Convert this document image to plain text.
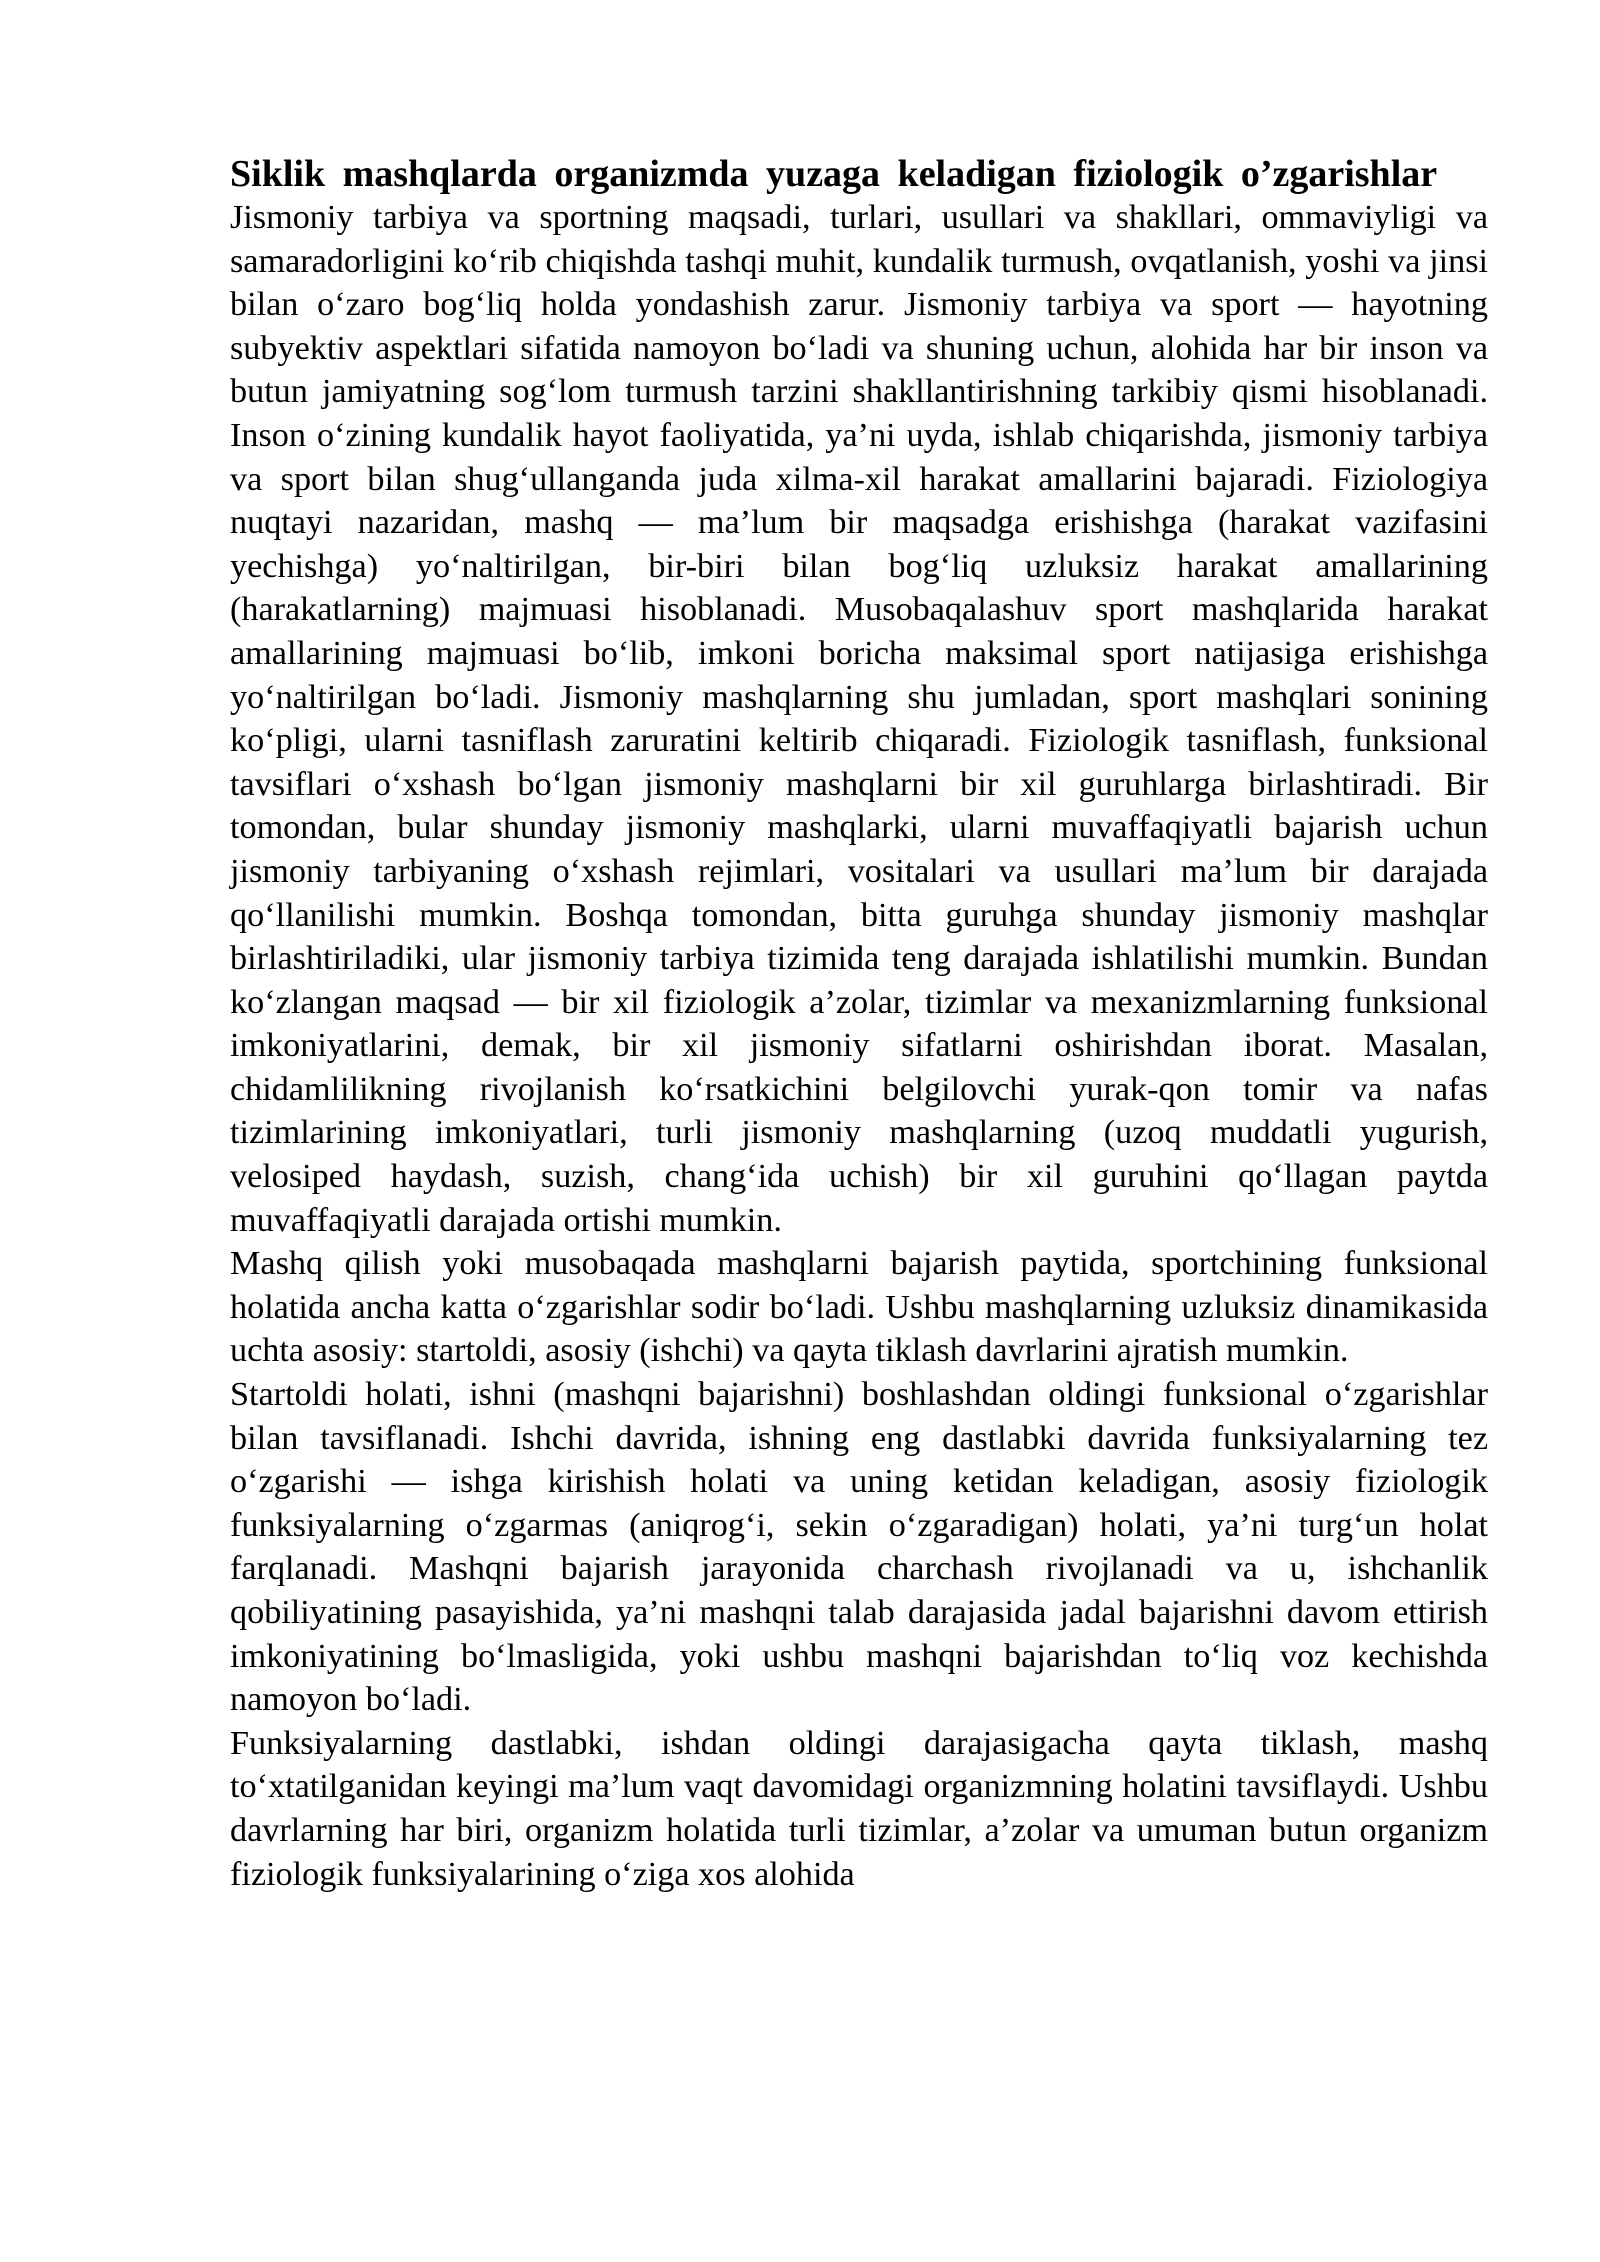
Siklik mashqlarda organizmda yuzaga keladigan fiziologik o’zgarishlar

Jismoniy tarbiya va sportning maqsadi, turlari, usullari va shakllari, ommaviyligi va samaradorligini ko‘rib chiqishda tashqi muhit, kundalik turmush, ovqatlanish, yoshi va jinsi bilan o‘zaro bog‘liq holda yondashish zarur. Jismoniy tarbiya va sport — hayotning subyektiv aspektlari sifatida namoyon bo‘ladi va shuning uchun, alohida har bir inson va butun jamiyatning sog‘lom turmush tarzini shakllantirishning tarkibiy qismi hisoblanadi. Inson o‘zining kundalik hayot faoliyatida, ya’ni uyda, ishlab chiqarishda, jismoniy tarbiya va sport bilan shug‘ullanganda juda xilma-xil harakat amallarini bajaradi. Fiziologiya nuqtayi nazaridan, mashq — ma’lum bir maqsadga erishishga (harakat vazifasini yechishga) yo‘naltirilgan, bir-biri bilan bog‘liq uzluksiz harakat amallarining (harakatlarning) majmuasi hisoblanadi. Musobaqalashuv sport mashqlarida harakat amallarining majmuasi bo‘lib, imkoni boricha maksimal sport natijasiga erishishga yo‘naltirilgan bo‘ladi. Jismoniy mashqlarning shu jumladan, sport mashqlari sonining ko‘pligi, ularni tasniflash zaruratini keltirib chiqaradi. Fiziologik tasniflash, funksional tavsiflari o‘xshash bo‘lgan jismoniy mashqlarni bir xil guruhlarga birlashtiradi. Bir tomondan, bular shunday jismoniy mashqlarki, ularni muvaffaqiyatli bajarish uchun jismoniy tarbiyaning o‘xshash rejimlari, vositalari va usullari ma’lum bir darajada qo‘llanilishi mumkin. Boshqa tomondan, bitta guruhga shunday jismoniy mashqlar birlashtiriladiki, ular jismoniy tarbiya tizimida teng darajada ishlatilishi mumkin. Bundan ko‘zlangan maqsad — bir xil fiziologik a’zolar, tizimlar va mexanizmlarning funksional imkoniyatlarini, demak, bir xil jismoniy sifatlarni oshirishdan iborat. Masalan, chidamlilikning rivojlanish ko‘rsatkichini belgilovchi yurak-qon tomir va nafas tizimlarining imkoniyatlari, turli jismoniy mashqlarning (uzoq muddatli yugurish, velosiped haydash, suzish, chang‘ida uchish) bir xil guruhini qo‘llagan paytda muvaffaqiyatli darajada ortishi mumkin.

Mashq qilish yoki musobaqada mashqlarni bajarish paytida, sportchining funksional holatida ancha katta o‘zgarishlar sodir bo‘ladi. Ushbu mashqlarning uzluksiz dinamikasida uchta asosiy: startoldi, asosiy (ishchi) va qayta tiklash davrlarini ajratish mumkin.

Startoldi holati, ishni (mashqni bajarishni) boshlashdan oldingi funksional o‘zgarishlar bilan tavsiflanadi. Ishchi davrida, ishning eng dastlabki davrida funksiyalarning tez o‘zgarishi — ishga kirishish holati va uning ketidan keladigan, asosiy fiziologik funksiyalarning o‘zgarmas (aniqrog‘i, sekin o‘zgaradigan) holati, ya’ni turg‘un holat farqlanadi. Mashqni bajarish jarayonida charchash rivojlanadi va u, ishchanlik qobiliyatining pasayishida, ya’ni mashqni talab darajasida jadal bajarishni davom ettirish imkoniyatining bo‘lmasligida, yoki ushbu mashqni bajarishdan to‘liq voz kechishda namoyon bo‘ladi.

Funksiyalarning dastlabki, ishdan oldingi darajasigacha qayta tiklash, mashq to‘xtatilganidan keyingi ma’lum vaqt davomidagi organizmning holatini tavsiflaydi. Ushbu davrlarning har biri, organizm holatida turli tizimlar, a’zolar va umuman butun organizm fiziologik funksiyalarining o‘ziga xos alohida
